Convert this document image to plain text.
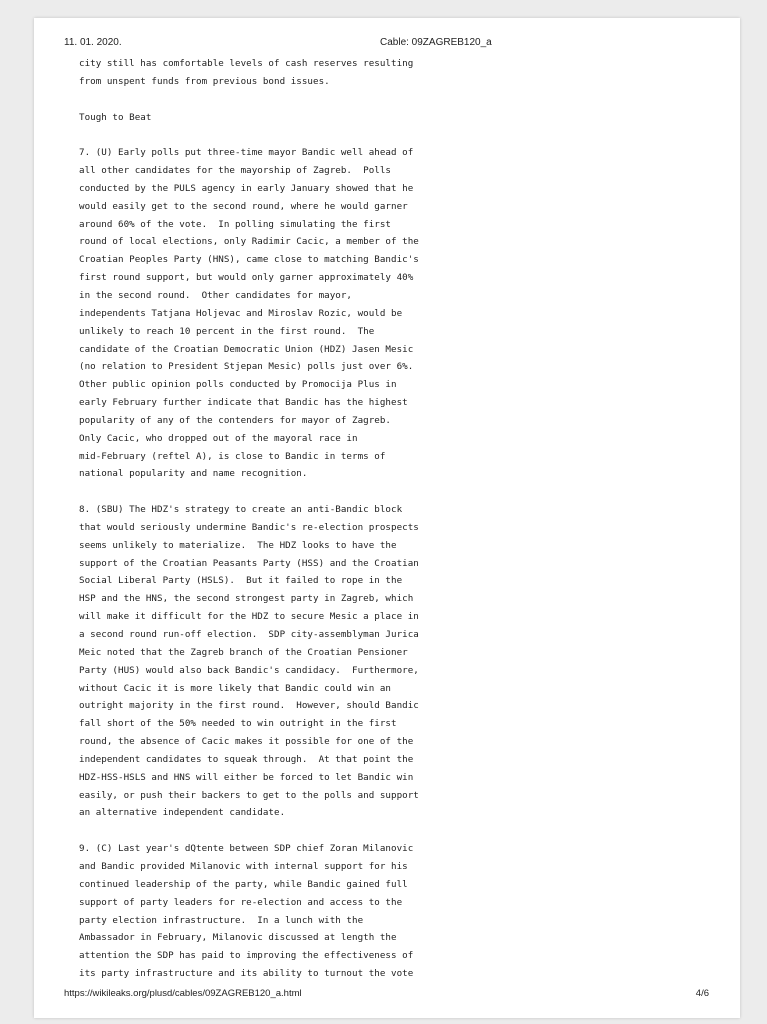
11. 01. 2020.	Cable: 09ZAGREB120_a
city still has comfortable levels of cash reserves resulting
from unspent funds from previous bond issues.
Tough to Beat
7. (U) Early polls put three-time mayor Bandic well ahead of
all other candidates for the mayorship of Zagreb.  Polls
conducted by the PULS agency in early January showed that he
would easily get to the second round, where he would garner
around 60% of the vote.  In polling simulating the first
round of local elections, only Radimir Cacic, a member of the
Croatian Peoples Party (HNS), came close to matching Bandic's
first round support, but would only garner approximately 40%
in the second round.  Other candidates for mayor,
independents Tatjana Holjevac and Miroslav Rozic, would be
unlikely to reach 10 percent in the first round.  The
candidate of the Croatian Democratic Union (HDZ) Jasen Mesic
(no relation to President Stjepan Mesic) polls just over 6%.
Other public opinion polls conducted by Promocija Plus in
early February further indicate that Bandic has the highest
popularity of any of the contenders for mayor of Zagreb.
Only Cacic, who dropped out of the mayoral race in
mid-February (reftel A), is close to Bandic in terms of
national popularity and name recognition.
8. (SBU) The HDZ's strategy to create an anti-Bandic block
that would seriously undermine Bandic's re-election prospects
seems unlikely to materialize.  The HDZ looks to have the
support of the Croatian Peasants Party (HSS) and the Croatian
Social Liberal Party (HSLS).  But it failed to rope in the
HSP and the HNS, the second strongest party in Zagreb, which
will make it difficult for the HDZ to secure Mesic a place in
a second round run-off election.  SDP city-assemblyman Jurica
Meic noted that the Zagreb branch of the Croatian Pensioner
Party (HUS) would also back Bandic's candidacy.  Furthermore,
without Cacic it is more likely that Bandic could win an
outright majority in the first round.  However, should Bandic
fall short of the 50% needed to win outright in the first
round, the absence of Cacic makes it possible for one of the
independent candidates to squeak through.  At that point the
HDZ-HSS-HSLS and HNS will either be forced to let Bandic win
easily, or push their backers to get to the polls and support
an alternative independent candidate.
9. (C) Last year's dQtente between SDP chief Zoran Milanovic
and Bandic provided Milanovic with internal support for his
continued leadership of the party, while Bandic gained full
support of party leaders for re-election and access to the
party election infrastructure.  In a lunch with the
Ambassador in February, Milanovic discussed at length the
attention the SDP has paid to improving the effectiveness of
its party infrastructure and its ability to turnout the vote
https://wikileaks.org/plusd/cables/09ZAGREB120_a.html	4/6
